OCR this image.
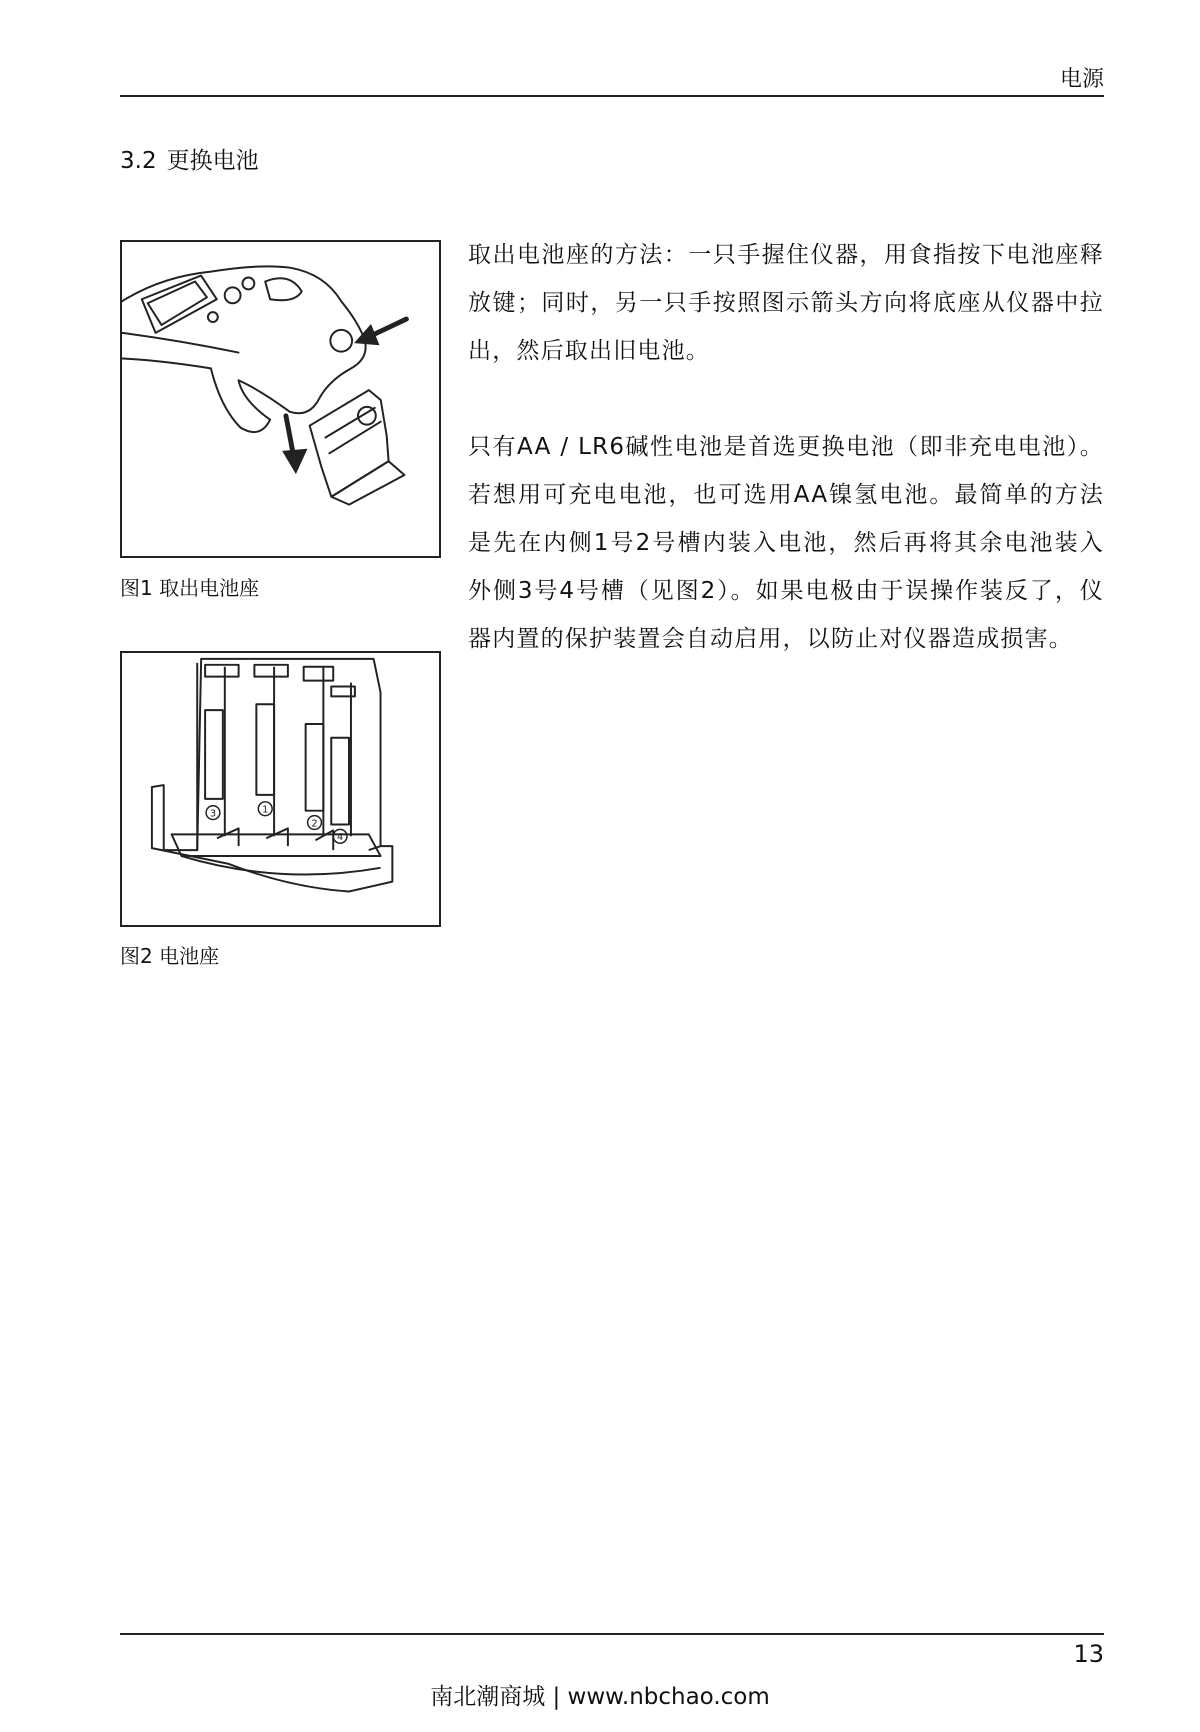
电源
3.2 更换电池
图1 取出电池座
3	1
2
4
图2 电池座

取出电池座的方法：一只手握住仪器，用食指按下电池座释放键；同时，另一只手按照图示箭头方向将底座从仪器中拉出，然后取出旧电池。

只有AA / LR6碱性电池是首选更换电池（即非充电电池）。若想用可充电电池，也可选用AA镍氢电池。最简单的方法是先在内侧1号2号槽内装入电池，然后再将其余电池装入外侧3号4号槽（见图2）。如果电极由于误操作装反了，仪器内置的保护装置会自动启用，以防止对仪器造成损害。

13
南北潮商城 | www.nbchao.com
